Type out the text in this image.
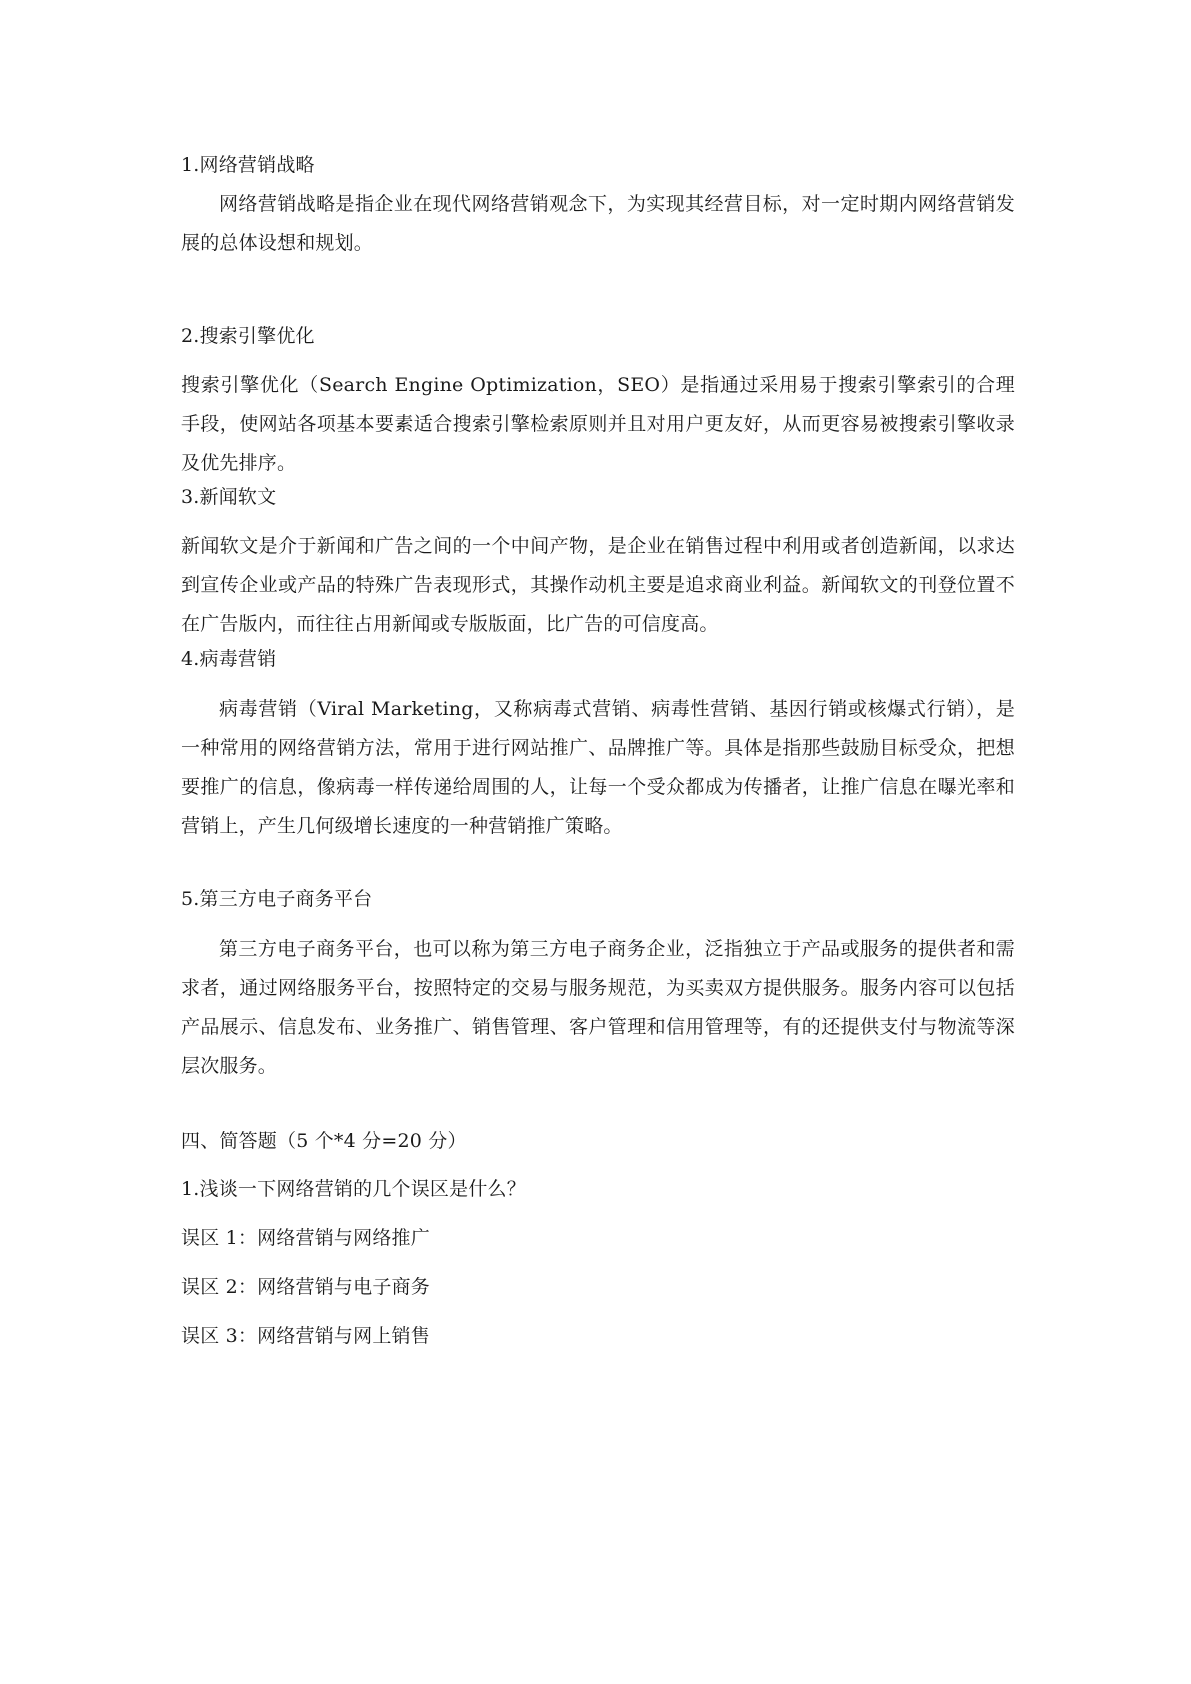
1.网络营销战略
网络营销战略是指企业在现代网络营销观念下，为实现其经营目标，对一定时期内网络营销发展的总体设想和规划。
2.搜索引擎优化
搜索引擎优化（Search Engine Optimization，SEO）是指通过采用易于搜索引擎索引的合理手段，使网站各项基本要素适合搜索引擎检索原则并且对用户更友好，从而更容易被搜索引擎收录及优先排序。
3.新闻软文
新闻软文是介于新闻和广告之间的一个中间产物，是企业在销售过程中利用或者创造新闻，以求达到宣传企业或产品的特殊广告表现形式，其操作动机主要是追求商业利益。新闻软文的刊登位置不在广告版内，而往往占用新闻或专版版面，比广告的可信度高。
4.病毒营销
病毒营销（Viral Marketing，又称病毒式营销、病毒性营销、基因行销或核爆式行销），是一种常用的网络营销方法，常用于进行网站推广、品牌推广等。具体是指那些鼓励目标受众，把想要推广的信息，像病毒一样传递给周围的人，让每一个受众都成为传播者，让推广信息在曝光率和营销上，产生几何级增长速度的一种营销推广策略。
5.第三方电子商务平台
第三方电子商务平台，也可以称为第三方电子商务企业，泛指独立于产品或服务的提供者和需求者，通过网络服务平台，按照特定的交易与服务规范，为买卖双方提供服务。服务内容可以包括产品展示、信息发布、业务推广、销售管理、客户管理和信用管理等，有的还提供支付与物流等深层次服务。
四、简答题（5 个*4 分=20 分）
1.浅谈一下网络营销的几个误区是什么？
误区 1：网络营销与网络推广
误区 2：网络营销与电子商务
误区 3：网络营销与网上销售
